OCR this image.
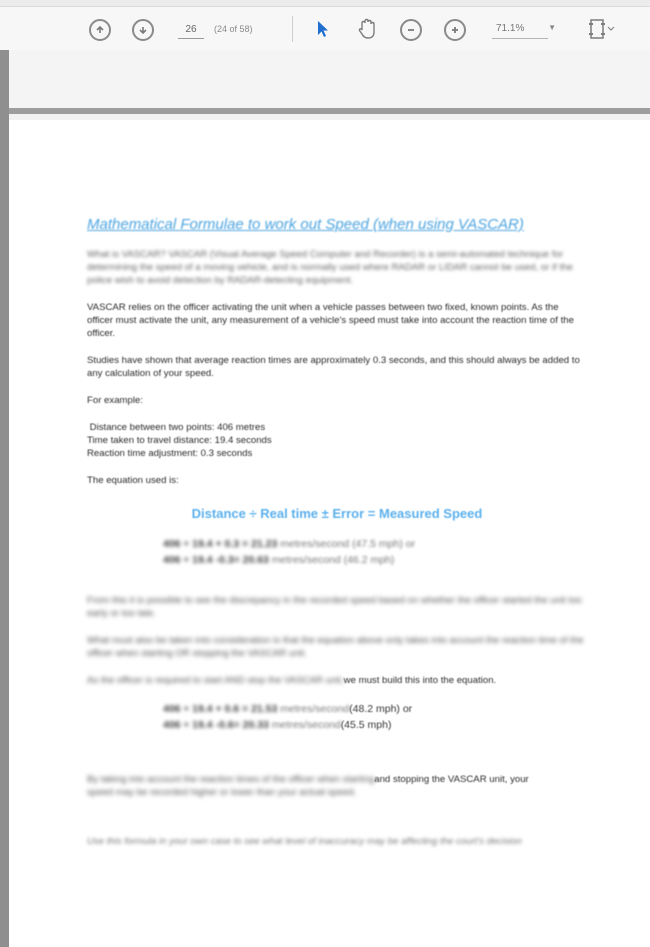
26	(24 of 58)	71.1%	▼
Mathematical Formulae to work out Speed (when using VASCAR)

What is VASCAR? VASCAR (Visual Average Speed Computer and Recorder) is a semi-automated technique for determining the speed of a moving vehicle, and is normally used where RADAR or LIDAR cannot be used, or if the police wish to avoid detection by RADAR-detecting equipment.

VASCAR relies on the officer activating the unit when a vehicle passes between two fixed, known points. As the officer must activate the unit, any measurement of a vehicle's speed must take into account the reaction time of the officer.

Studies have shown that average reaction times are approximately 0.3 seconds, and this should always be added to any calculation of your speed.

For example:

Distance between two points: 406 metres

Time taken to travel distance: 19.4 seconds

Reaction time adjustment: 0.3 seconds

The equation used is:

Distance ÷ Real time ± Error = Measured Speed
406 ÷ 19.4 + 0.3 = 21.23 metres/second (47.5 mph) or
406 ÷ 19.4 -0.3= 20.63 metres/second (46.2 mph)

From this it is possible to see the discrepancy in the recorded speed based on whether the officer started the unit too early or too late.

What must also be taken into consideration is that the equation above only takes into account the reaction time of the officer when starting OR stopping the VASCAR unit.

As the officer is required to start AND stop the VASCAR unit,we must build this into the equation.

406 ÷ 19.4 + 0.6 = 21.53 metres/second(48.2 mph) or
406 ÷ 19.4 -0.6= 20.33 metres/second(45.5 mph)

By taking into account the reaction times of the officer when startingand stopping the VASCAR unit, your
speed may be recorded higher or lower than your actual speed.

Use this formula in your own case to see what level of inaccuracy may be affecting the court's decision
